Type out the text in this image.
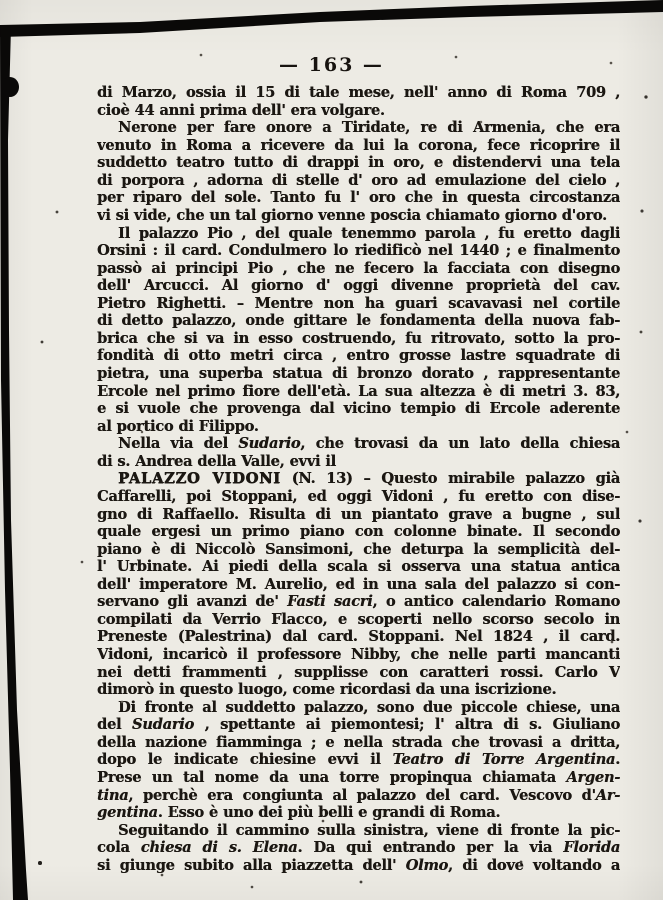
— 163 —
di Marzo, ossia il 15 di tale mese, nell' anno di Roma 709 ,
cioè 44 anni prima dell' era volgare.
Nerone per fare onore a Tiridate, re di Armenia, che era
venuto in Roma a ricevere da lui la corona, fece ricoprire il
suddetto teatro tutto di drappi in oro, e distendervi una tela
di porpora , adorna di stelle d' oro ad emulazione del cielo ,
per riparo del sole. Tanto fu l' oro che in questa circostanza
vi si vide, che un tal giorno venne poscia chiamato giorno d'oro.
Il palazzo Pio , del quale tenemmo parola , fu eretto dagli
Orsini : il card. Condulmero lo riedificò nel 1440 ; e finalmento
passò ai principi Pio , che ne fecero la facciata con disegno
dell' Arcucci. Al giorno d' oggi divenne proprietà del cav.
Pietro Righetti. – Mentre non ha guari scavavasi nel cortile
di detto palazzo, onde gittare le fondamenta della nuova fab-
brica che si va in esso costruendo, fu ritrovato, sotto la pro-
fondità di otto metri circa , entro grosse lastre squadrate di
pietra, una superba statua di bronzo dorato , rappresentante
Ercole nel primo fiore dell'età. La sua altezza è di metri 3. 83,
e si vuole che provenga dal vicino tempio di Ercole aderente
al portico di Filippo.
Nella via del Sudario, che trovasi da un lato della chiesa
di s. Andrea della Valle, evvi il
PALAZZO VIDONI (N. 13) – Questo mirabile palazzo già
Caffarelli, poi Stoppani, ed oggi Vidoni , fu eretto con dise-
gno di Raffaello. Risulta di un piantato grave a bugne , sul
quale ergesi un primo piano con colonne binate. Il secondo
piano è di Niccolò Sansimoni, che deturpa la semplicità del-
l' Urbinate. Ai piedi della scala si osserva una statua antica
dell' imperatore M. Aurelio, ed in una sala del palazzo si con-
servano gli avanzi de' Fasti sacri, o antico calendario Romano
compilati da Verrio Flacco, e scoperti nello scorso secolo in
Preneste (Palestrina) dal card. Stoppani. Nel 1824 , il card.
Vidoni, incaricò il professore Nibby, che nelle parti mancanti
nei detti frammenti , supplisse con caratteri rossi. Carlo V
dimorò in questo luogo, come ricordasi da una iscrizione.
Di fronte al suddetto palazzo, sono due piccole chiese, una
del Sudario , spettante ai piemontesi; l' altra di s. Giuliano
della nazione fiamminga ; e nella strada che trovasi a dritta,
dopo le indicate chiesine evvi il Teatro di Torre Argentina.
Prese un tal nome da una torre propinqua chiamata Argen-
tina, perchè era congiunta al palazzo del card. Vescovo d'Ar-
gentina. Esso è uno dei più belli e grandi di Roma.
Seguitando il cammino sulla sinistra, viene di fronte la pic-
cola chiesa di s. Elena. Da qui entrando per la via Florida
si giunge subito alla piazzetta dell' Olmo, di dove voltando a
